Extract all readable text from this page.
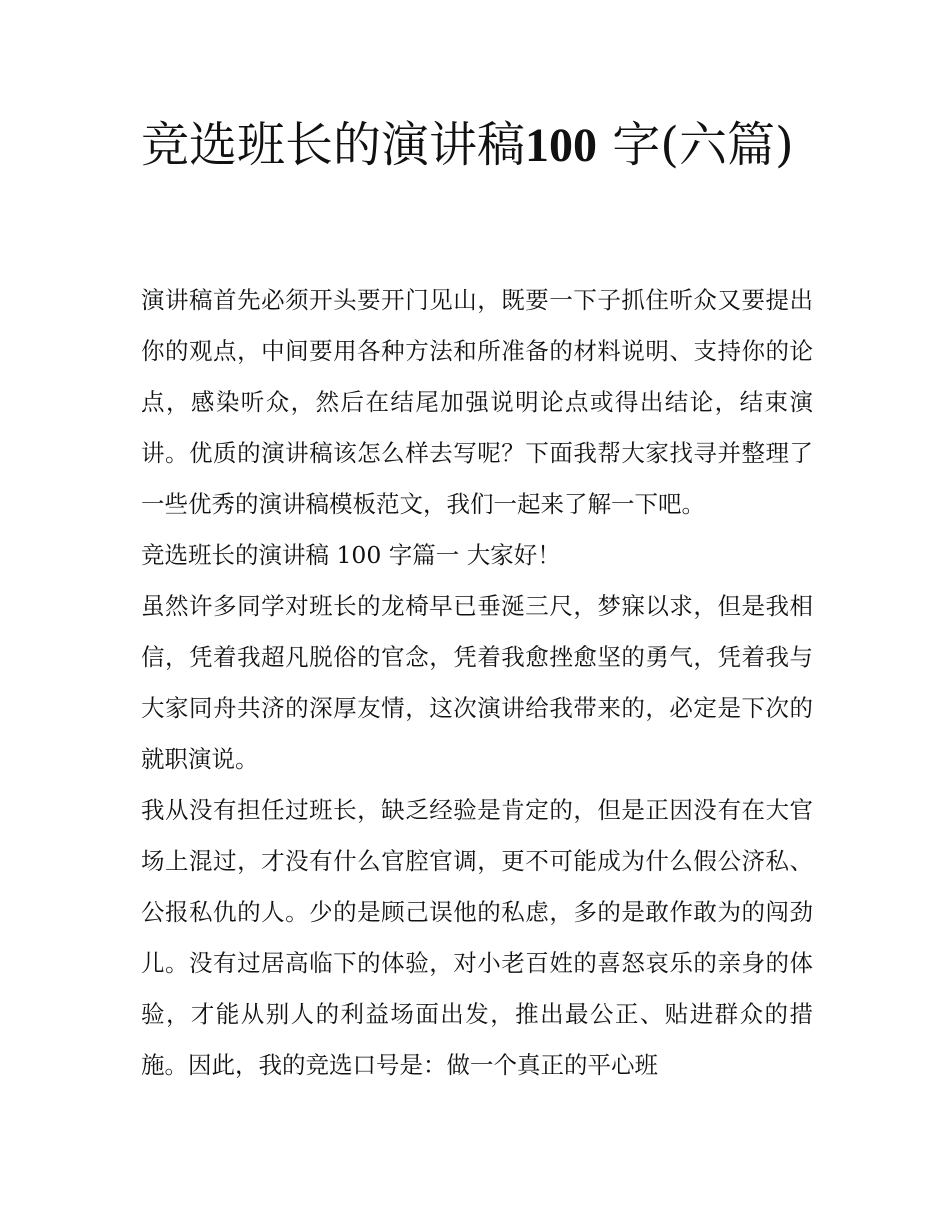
竞选班长的演讲稿100 字(六篇)

演讲稿首先必须开头要开门见山，既要一下子抓住听众又要提出你的观点，中间要用各种方法和所准备的材料说明、支持你的论点，感染听众，然后在结尾加强说明论点或得出结论，结束演讲。优质的演讲稿该怎么样去写呢？下面我帮大家找寻并整理了一些优秀的演讲稿模板范文，我们一起来了解一下吧。

竞选班长的演讲稿 100 字篇一 大家好！

虽然许多同学对班长的龙椅早已垂涎三尺，梦寐以求，但是我相信，凭着我超凡脱俗的官念，凭着我愈挫愈坚的勇气，凭着我与大家同舟共济的深厚友情，这次演讲给我带来的，必定是下次的就职演说。

我从没有担任过班长，缺乏经验是肯定的，但是正因没有在大官场上混过，才没有什么官腔官调，更不可能成为什么假公济私、公报私仇的人。少的是顾己误他的私虑，多的是敢作敢为的闯劲儿。没有过居高临下的体验，对小老百姓的喜怒哀乐的亲身的体验，才能从别人的利益场面出发，推出最公正、贴进群众的措施。因此，我的竞选口号是：做一个真正的平心班
